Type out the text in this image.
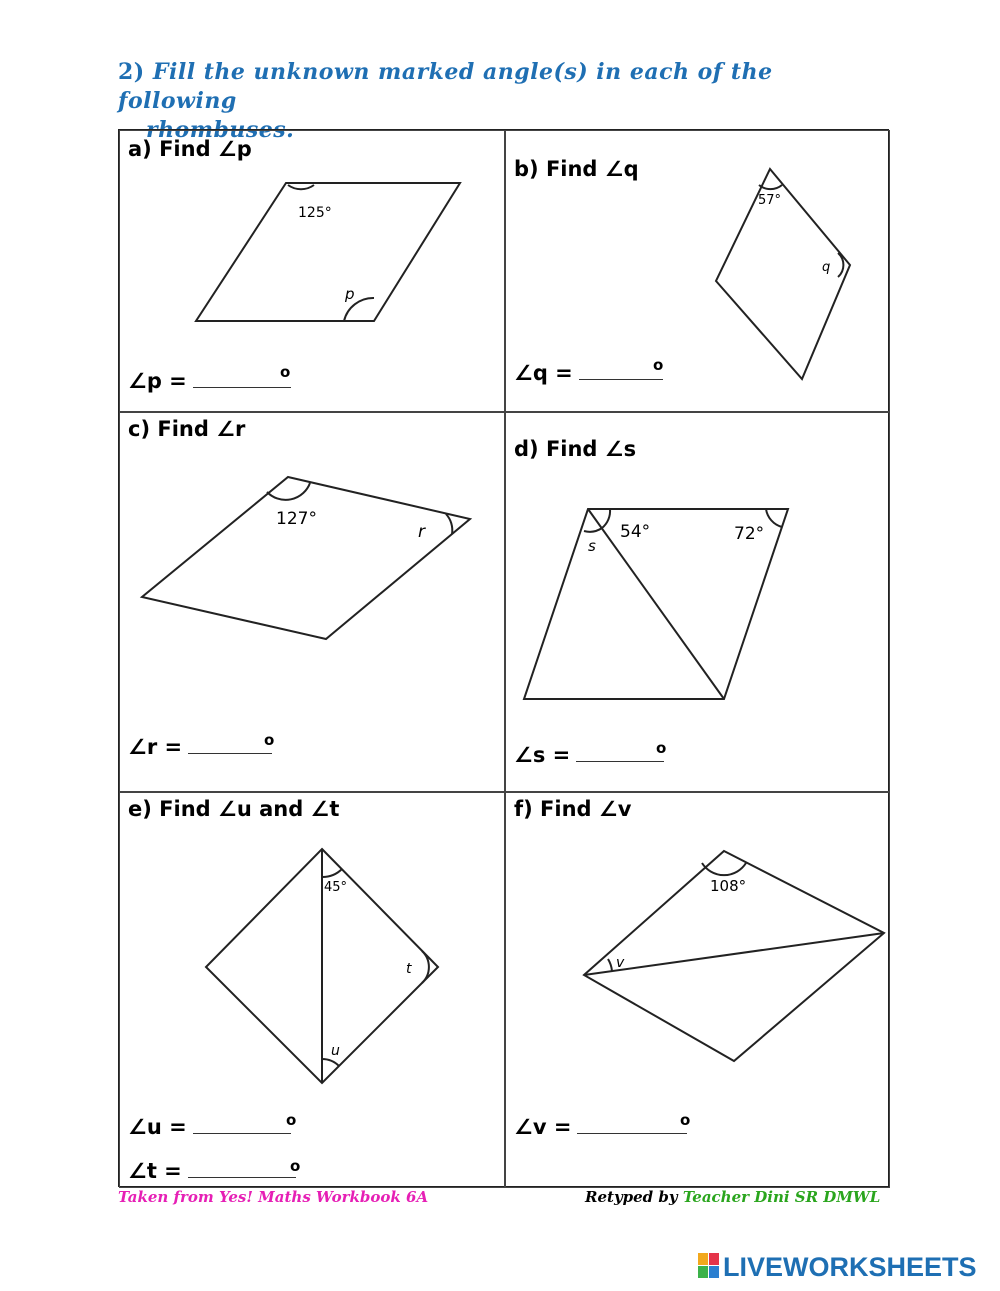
2) Fill the unknown marked angle(s) in each of the following
rhombuses.
a) Find ∠p
125°
p
∠p =	o
b) Find ∠q
57°
q
∠q =	o
c) Find ∠r
127°
r
∠r =	o
d) Find ∠s
54°	72°
s
∠s =	o
e) Find ∠u and ∠t
45°
t
u
∠u =	o
∠t =	o
f) Find ∠v
108°
v
∠v =	o
Taken from Yes! Maths Workbook 6A	Retyped by Teacher Dini SR DMWL
LIVEWORKSHEETS
